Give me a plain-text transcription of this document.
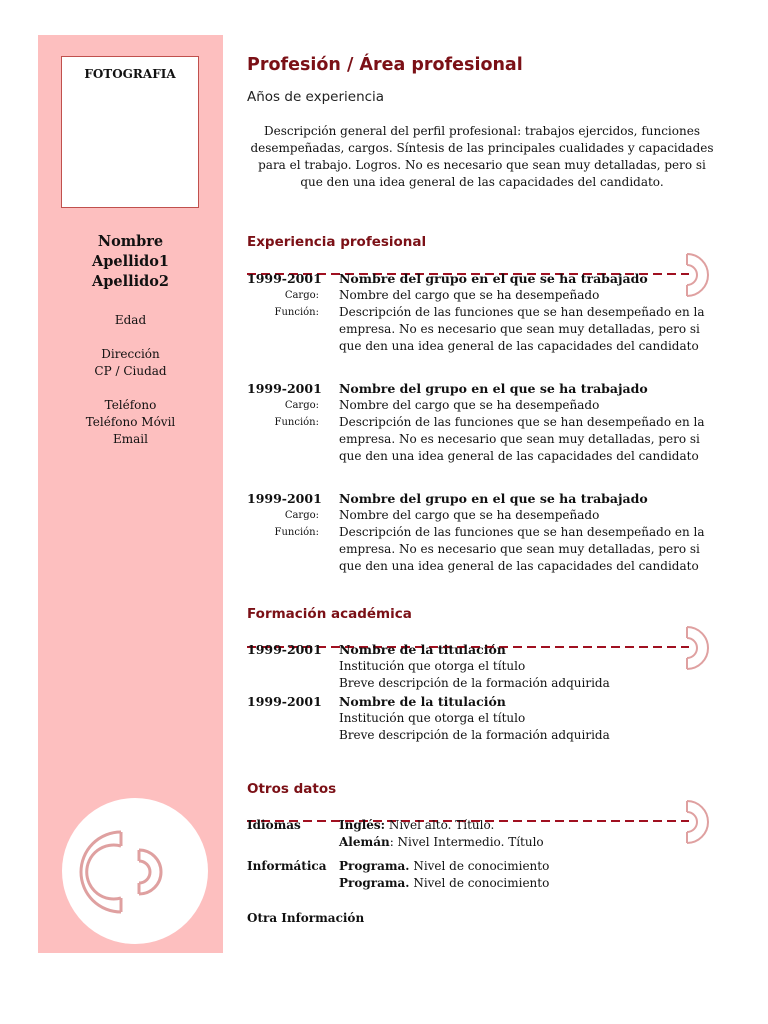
FOTOGRAFIA
Nombre
Apellido1
Apellido2
Edad
Dirección
CP / Ciudad
Teléfono
Teléfono Móvil
Email
Profesión / Área profesional
Años de experiencia
Descripción general del perfil profesional: trabajos ejercidos, funciones desempeñadas, cargos. Síntesis de las principales cualidades y capacidades para el trabajo. Logros. No es necesario que sean muy detalladas, pero si que den una idea general de las capacidades del candidato.
Experiencia profesional
1999-2001	Nombre del grupo en el que se ha trabajado
Cargo:	Nombre del cargo que se ha desempeñado
Función:	Descripción de las funciones que se han desempeñado en la empresa. No es necesario que sean muy detalladas, pero si que den una idea general de las capacidades del candidato
1999-2001	Nombre del grupo en el que se ha trabajado
Cargo:	Nombre del cargo que se ha desempeñado
Función:	Descripción de las funciones que se han desempeñado en la empresa. No es necesario que sean muy detalladas, pero si que den una idea general de las capacidades del candidato
1999-2001	Nombre del grupo en el que se ha trabajado
Cargo:	Nombre del cargo que se ha desempeñado
Función:	Descripción de las funciones que se han desempeñado en la empresa. No es necesario que sean muy detalladas, pero si que den una idea general de las capacidades del candidato
Formación académica
1999-2001	Nombre de la titulación
Institución que otorga el título
Breve descripción de la formación adquirida
1999-2001	Nombre de la titulación
Institución que otorga el título
Breve descripción de la formación adquirida
Otros datos
Idiomas	Inglés: Nivel alto. Título.
Alemán: Nivel Intermedio. Título
Informática	Programa. Nivel de conocimiento
Programa. Nivel de conocimiento
Otra Información
